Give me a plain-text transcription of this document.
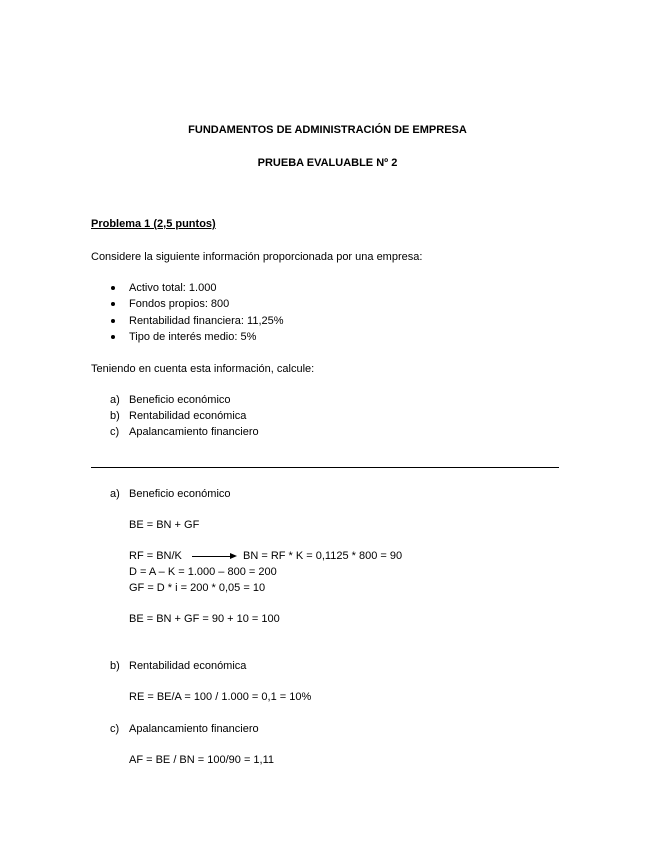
FUNDAMENTOS DE ADMINISTRACIÓN DE EMPRESA
PRUEBA EVALUABLE Nº 2
Problema 1 (2,5 puntos)
Considere la siguiente información proporcionada por una empresa:
Activo total: 1.000
Fondos propios: 800
Rentabilidad financiera: 11,25%
Tipo de interés medio: 5%
Teniendo en cuenta esta información, calcule:
a) Beneficio económico
b) Rentabilidad económica
c) Apalancamiento financiero
a) Beneficio económico
BE = BN + GF
RF = BN/K	BN = RF * K = 0,1125 * 800 = 90
D = A – K = 1.000 – 800 = 200
GF = D * i = 200 * 0,05 = 10
BE = BN + GF = 90 + 10 = 100
b) Rentabilidad económica
RE = BE/A = 100 / 1.000 = 0,1 = 10%
c) Apalancamiento financiero
AF = BE / BN = 100/90 = 1,11
